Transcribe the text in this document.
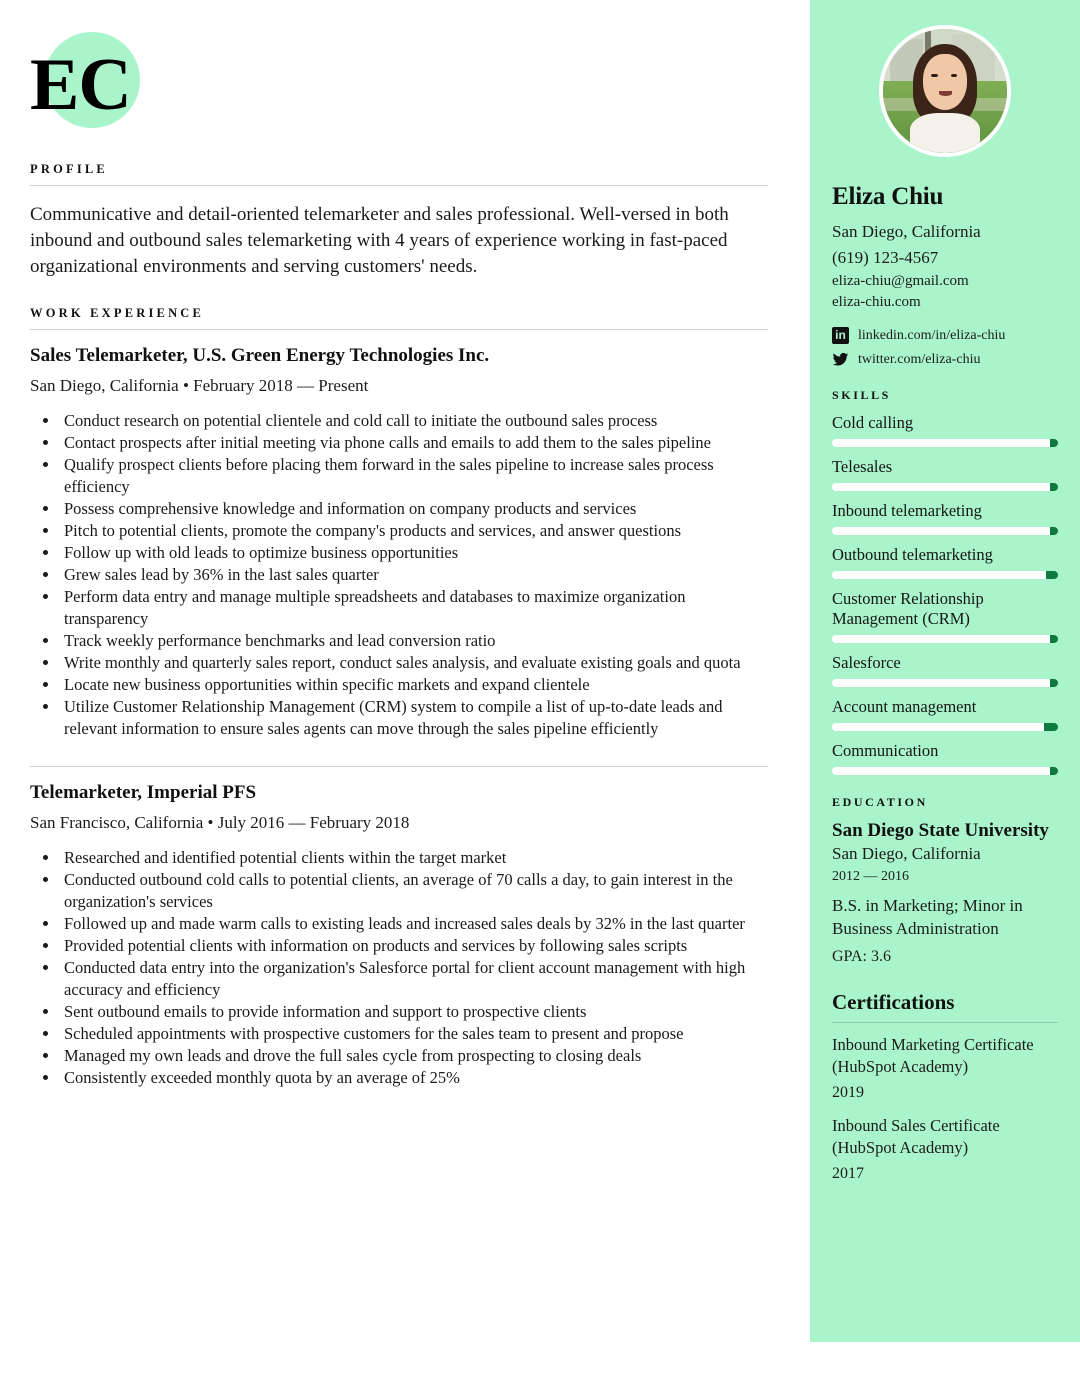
EC
PROFILE
Communicative and detail-oriented telemarketer and sales professional. Well-versed in both inbound and outbound sales telemarketing with 4 years of experience working in fast-paced organizational environments and serving customers' needs.
WORK EXPERIENCE
Sales Telemarketer, U.S. Green Energy Technologies Inc.
San Diego, California • February 2018 — Present
• Conduct research on potential clientele and cold call to initiate the outbound sales process
• Contact prospects after initial meeting via phone calls and emails to add them to the sales pipeline
• Qualify prospect clients before placing them forward in the sales pipeline to increase sales process efficiency
• Possess comprehensive knowledge and information on company products and services
• Pitch to potential clients, promote the company's products and services, and answer questions
• Follow up with old leads to optimize business opportunities
• Grew sales lead by 36% in the last sales quarter
• Perform data entry and manage multiple spreadsheets and databases to maximize organization transparency
• Track weekly performance benchmarks and lead conversion ratio
• Write monthly and quarterly sales report, conduct sales analysis, and evaluate existing goals and quota
• Locate new business opportunities within specific markets and expand clientele
• Utilize Customer Relationship Management (CRM) system to compile a list of up-to-date leads and relevant information to ensure sales agents can move through the sales pipeline efficiently
Telemarketer, Imperial PFS
San Francisco, California • July 2016 — February 2018
• Researched and identified potential clients within the target market
• Conducted outbound cold calls to potential clients, an average of 70 calls a day, to gain interest in the organization's services
• Followed up and made warm calls to existing leads and increased sales deals by 32% in the last quarter
• Provided potential clients with information on products and services by following sales scripts
• Conducted data entry into the organization's Salesforce portal for client account management with high accuracy and efficiency
• Sent outbound emails to provide information and support to prospective clients
• Scheduled appointments with prospective customers for the sales team to present and propose
• Managed my own leads and drove the full sales cycle from prospecting to closing deals
• Consistently exceeded monthly quota by an average of 25%
Eliza Chiu
San Diego, California
(619) 123-4567
eliza-chiu@gmail.com
eliza-chiu.com
in
linkedin.com/in/eliza-chiu
twitter.com/eliza-chiu
SKILLS
Cold calling
Telesales
Inbound telemarketing
Outbound telemarketing
Customer Relationship Management (CRM)
Salesforce
Account management
Communication
EDUCATION
San Diego State University
San Diego, California
2012 — 2016
B.S. in Marketing; Minor in Business Administration
GPA: 3.6
Certifications
Inbound Marketing Certificate (HubSpot Academy)
2019
Inbound Sales Certificate (HubSpot Academy)
2017
